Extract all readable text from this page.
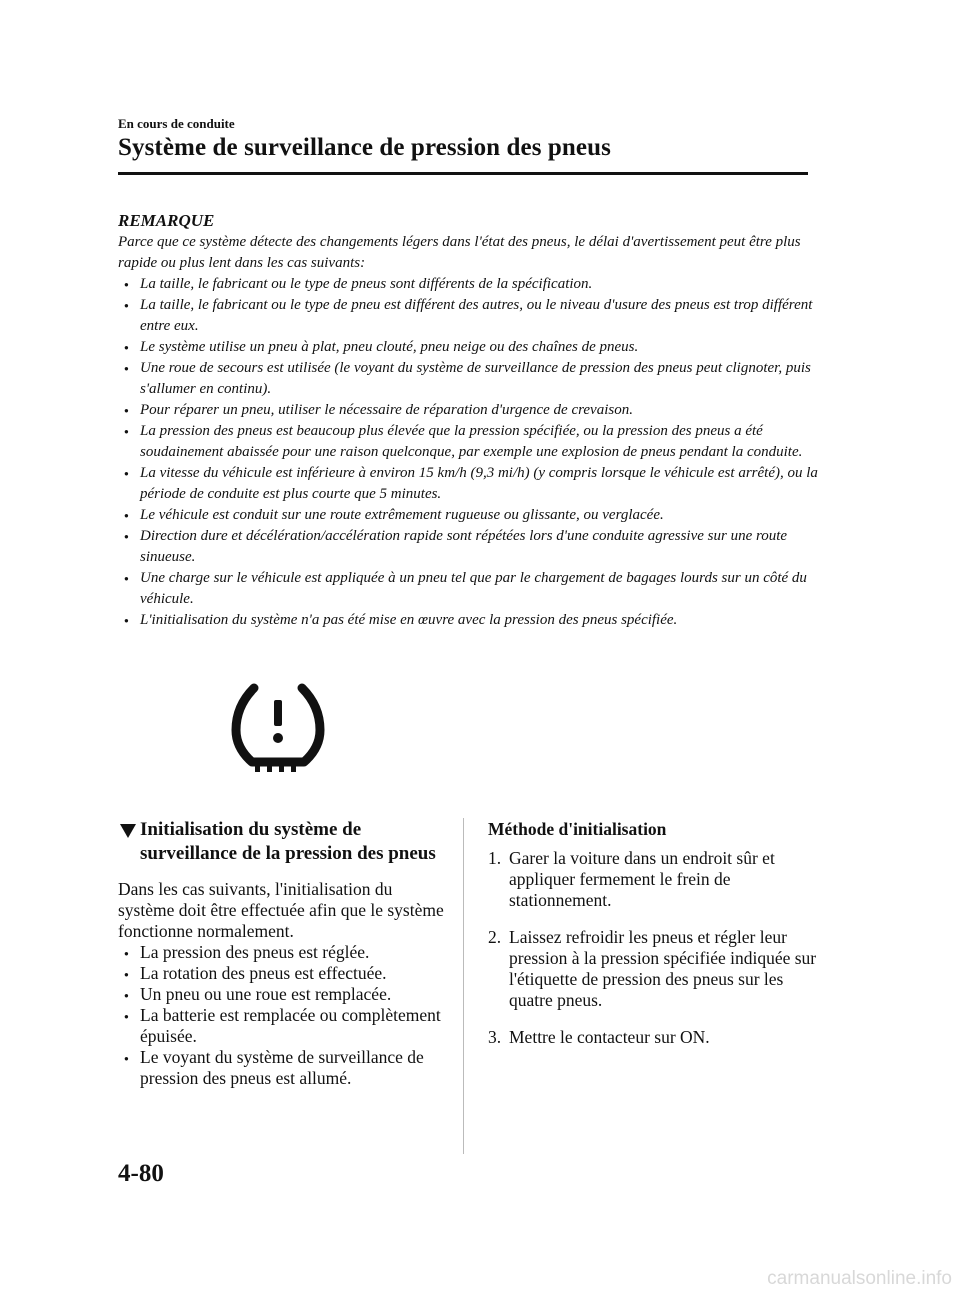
En cours de conduite
Système de surveillance de pression des pneus
REMARQUE
Parce que ce système détecte des changements légers dans l'état des pneus, le délai d'avertissement peut être plus rapide ou plus lent dans les cas suivants:
● La taille, le fabricant ou le type de pneus sont différents de la spécification.
● La taille, le fabricant ou le type de pneu est différent des autres, ou le niveau d'usure des pneus est trop différent entre eux.
● Le système utilise un pneu à plat, pneu clouté, pneu neige ou des chaînes de pneus.
● Une roue de secours est utilisée (le voyant du système de surveillance de pression des pneus peut clignoter, puis s'allumer en continu).
● Pour réparer un pneu, utiliser le nécessaire de réparation d'urgence de crevaison.
● La pression des pneus est beaucoup plus élevée que la pression spécifiée, ou la pression des pneus a été soudainement abaissée pour une raison quelconque, par exemple une explosion de pneus pendant la conduite.
● La vitesse du véhicule est inférieure à environ 15 km/h (9,3 mi/h) (y compris lorsque le véhicule est arrêté), ou la période de conduite est plus courte que 5 minutes.
● Le véhicule est conduit sur une route extrêmement rugueuse ou glissante, ou verglacée.
● Direction dure et décélération/accélération rapide sont répétées lors d'une conduite agressive sur une route sinueuse.
● Une charge sur le véhicule est appliquée à un pneu tel que par le chargement de bagages lourds sur un côté du véhicule.
● L'initialisation du système n'a pas été mise en œuvre avec la pression des pneus spécifiée.
Initialisation du système de surveillance de la pression des pneus
Dans les cas suivants, l'initialisation du système doit être effectuée afin que le système fonctionne normalement.
● La pression des pneus est réglée.
● La rotation des pneus est effectuée.
● Un pneu ou une roue est remplacée.
● La batterie est remplacée ou complètement épuisée.
● Le voyant du système de surveillance de pression des pneus est allumé.
Méthode d'initialisation
1. Garer la voiture dans un endroit sûr et appliquer fermement le frein de stationnement.
2. Laissez refroidir les pneus et régler leur pression à la pression spécifiée indiquée sur l'étiquette de pression des pneus sur les quatre pneus.
3. Mettre le contacteur sur ON.
4-80
carmanualsonline.info
